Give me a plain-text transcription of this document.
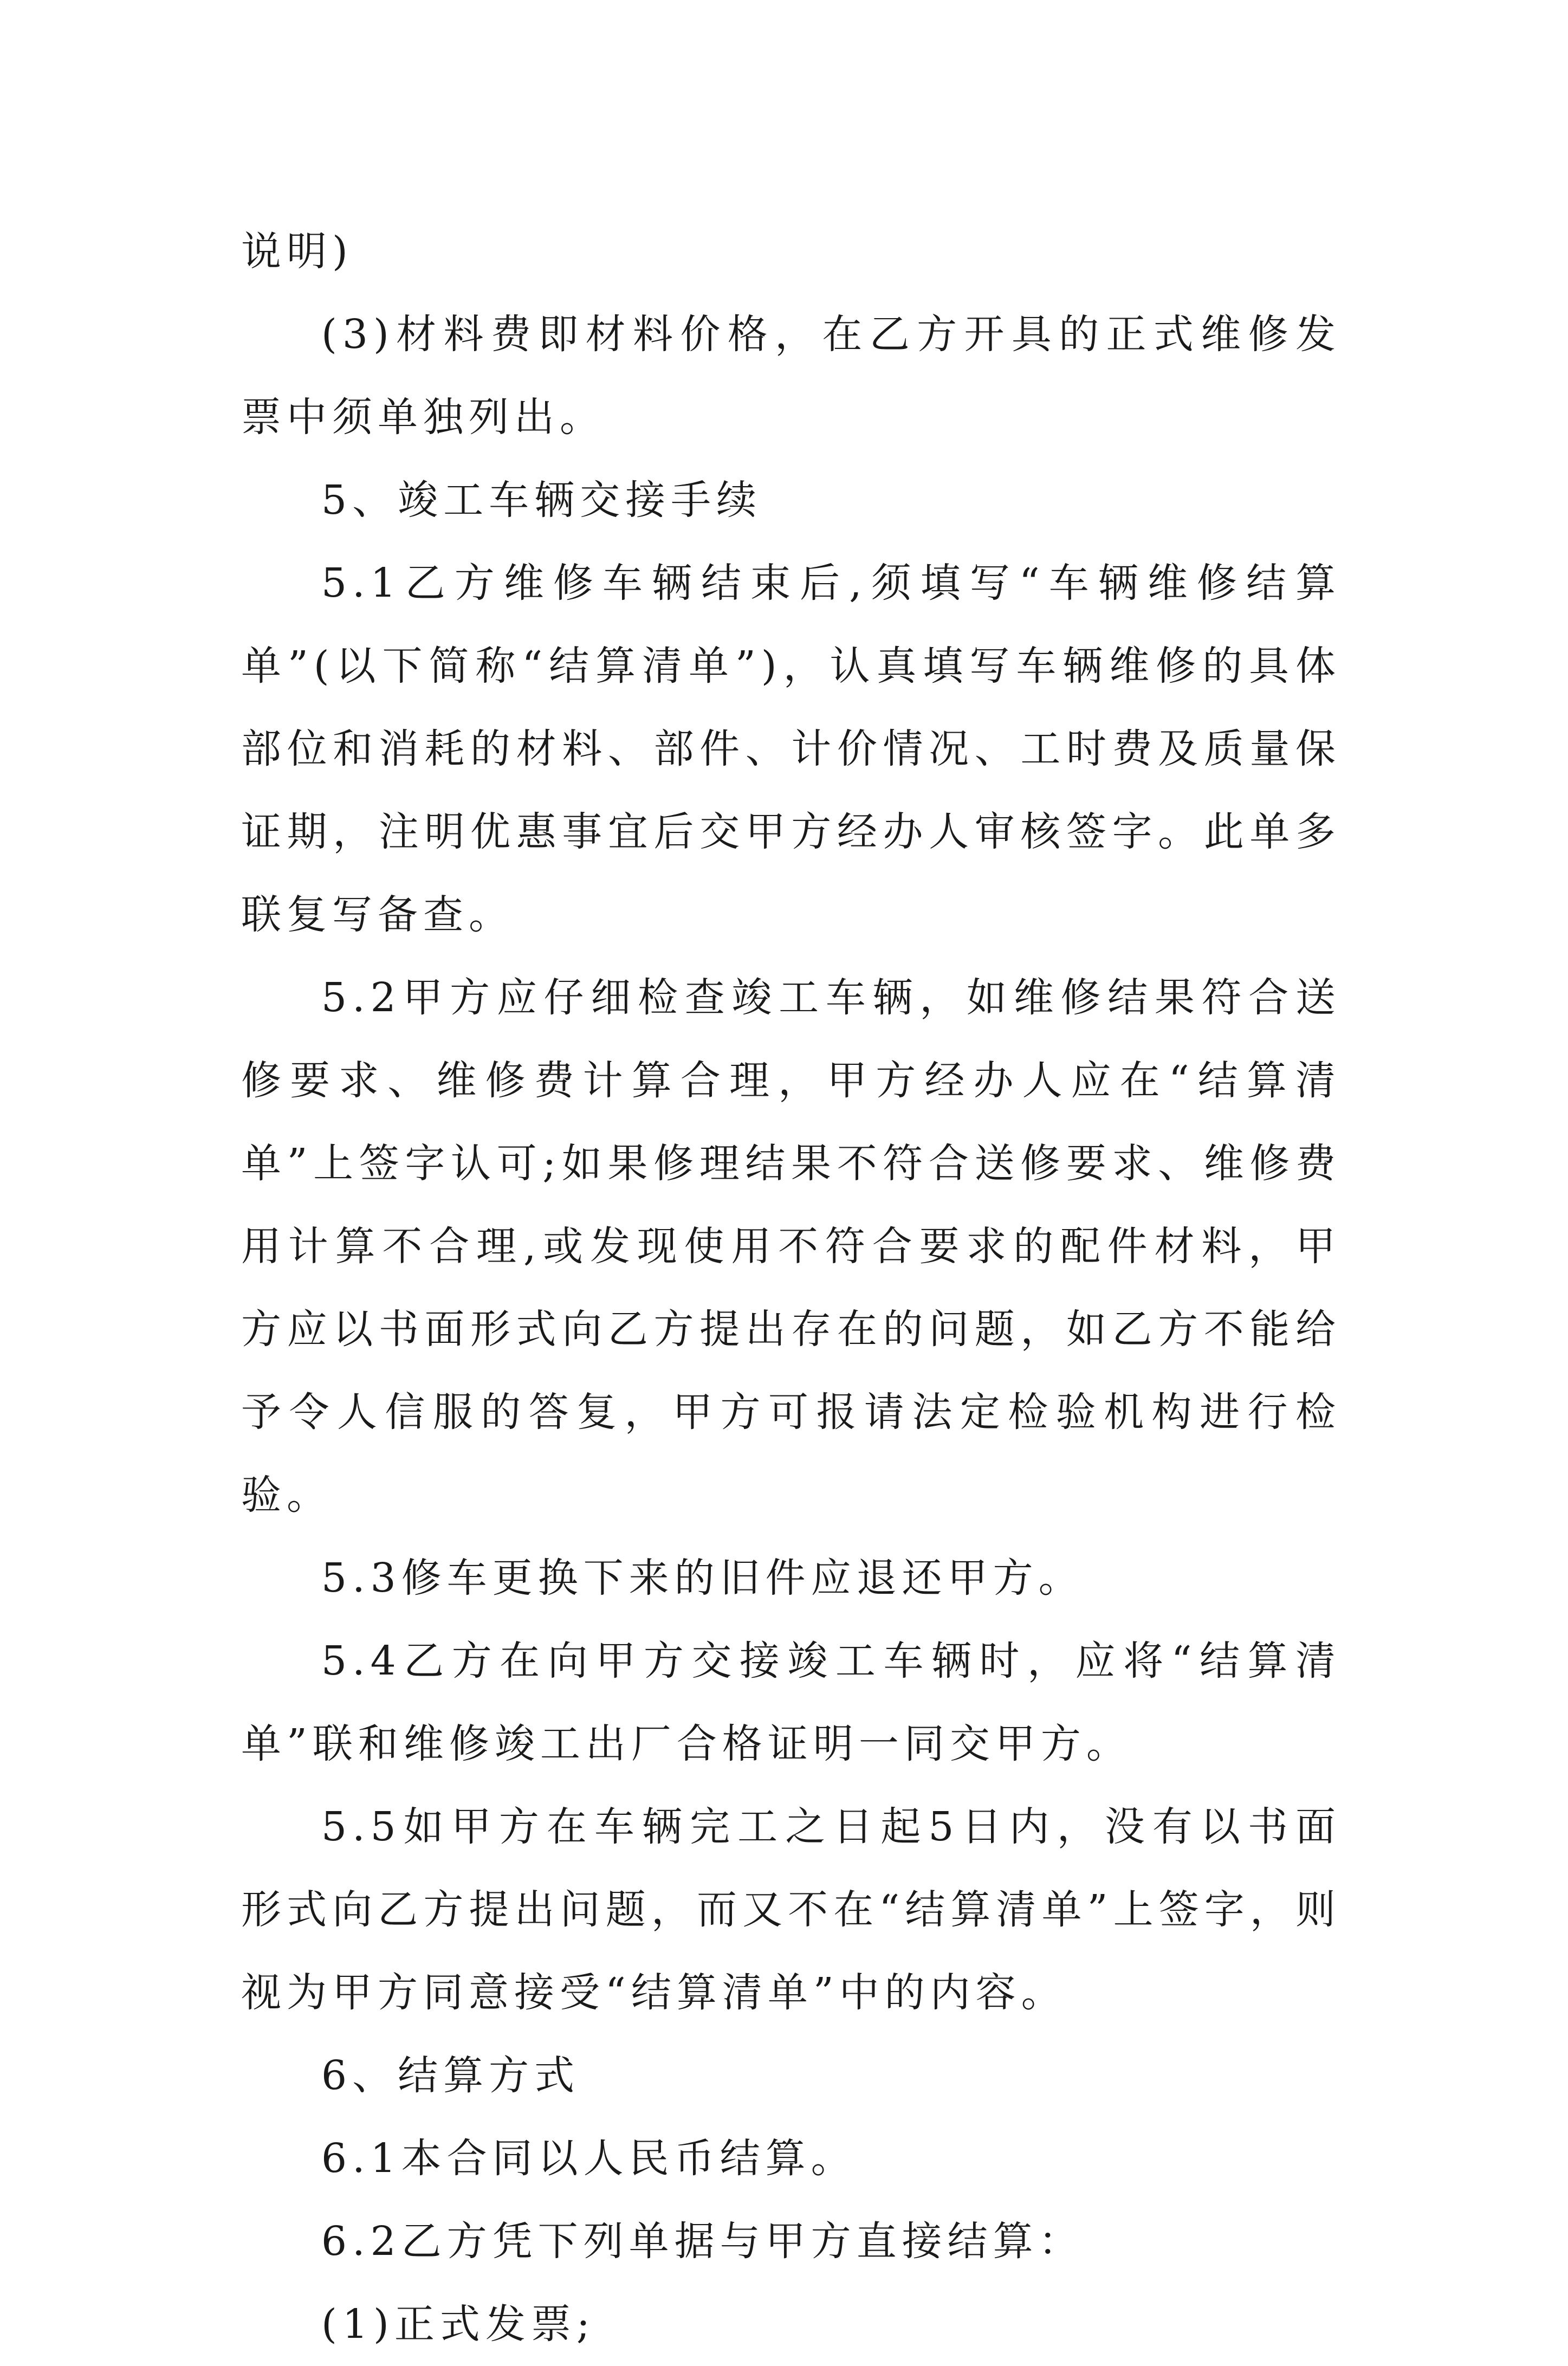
说明)

(3)材料费即材料价格，在乙方开具的正式维修发票中须单独列出。

5、竣工车辆交接手续

5.1乙方维修车辆结束后,须填写“车辆维修结算单”(以下简称“结算清单”)，认真填写车辆维修的具体部位和消耗的材料、部件、计价情况、工时费及质量保证期，注明优惠事宜后交甲方经办人审核签字。此单多联复写备查。

5.2甲方应仔细检查竣工车辆，如维修结果符合送修要求、维修费计算合理，甲方经办人应在“结算清单”上签字认可;如果修理结果不符合送修要求、维修费用计算不合理,或发现使用不符合要求的配件材料，甲方应以书面形式向乙方提出存在的问题，如乙方不能给予令人信服的答复，甲方可报请法定检验机构进行检验。

5.3修车更换下来的旧件应退还甲方。

5.4乙方在向甲方交接竣工车辆时，应将“结算清单”联和维修竣工出厂合格证明一同交甲方。

5.5如甲方在车辆完工之日起5日内，没有以书面形式向乙方提出问题，而又不在“结算清单”上签字，则视为甲方同意接受“结算清单”中的内容。

6、结算方式

6.1本合同以人民币结算。

6.2乙方凭下列单据与甲方直接结算：

(1)正式发票;
